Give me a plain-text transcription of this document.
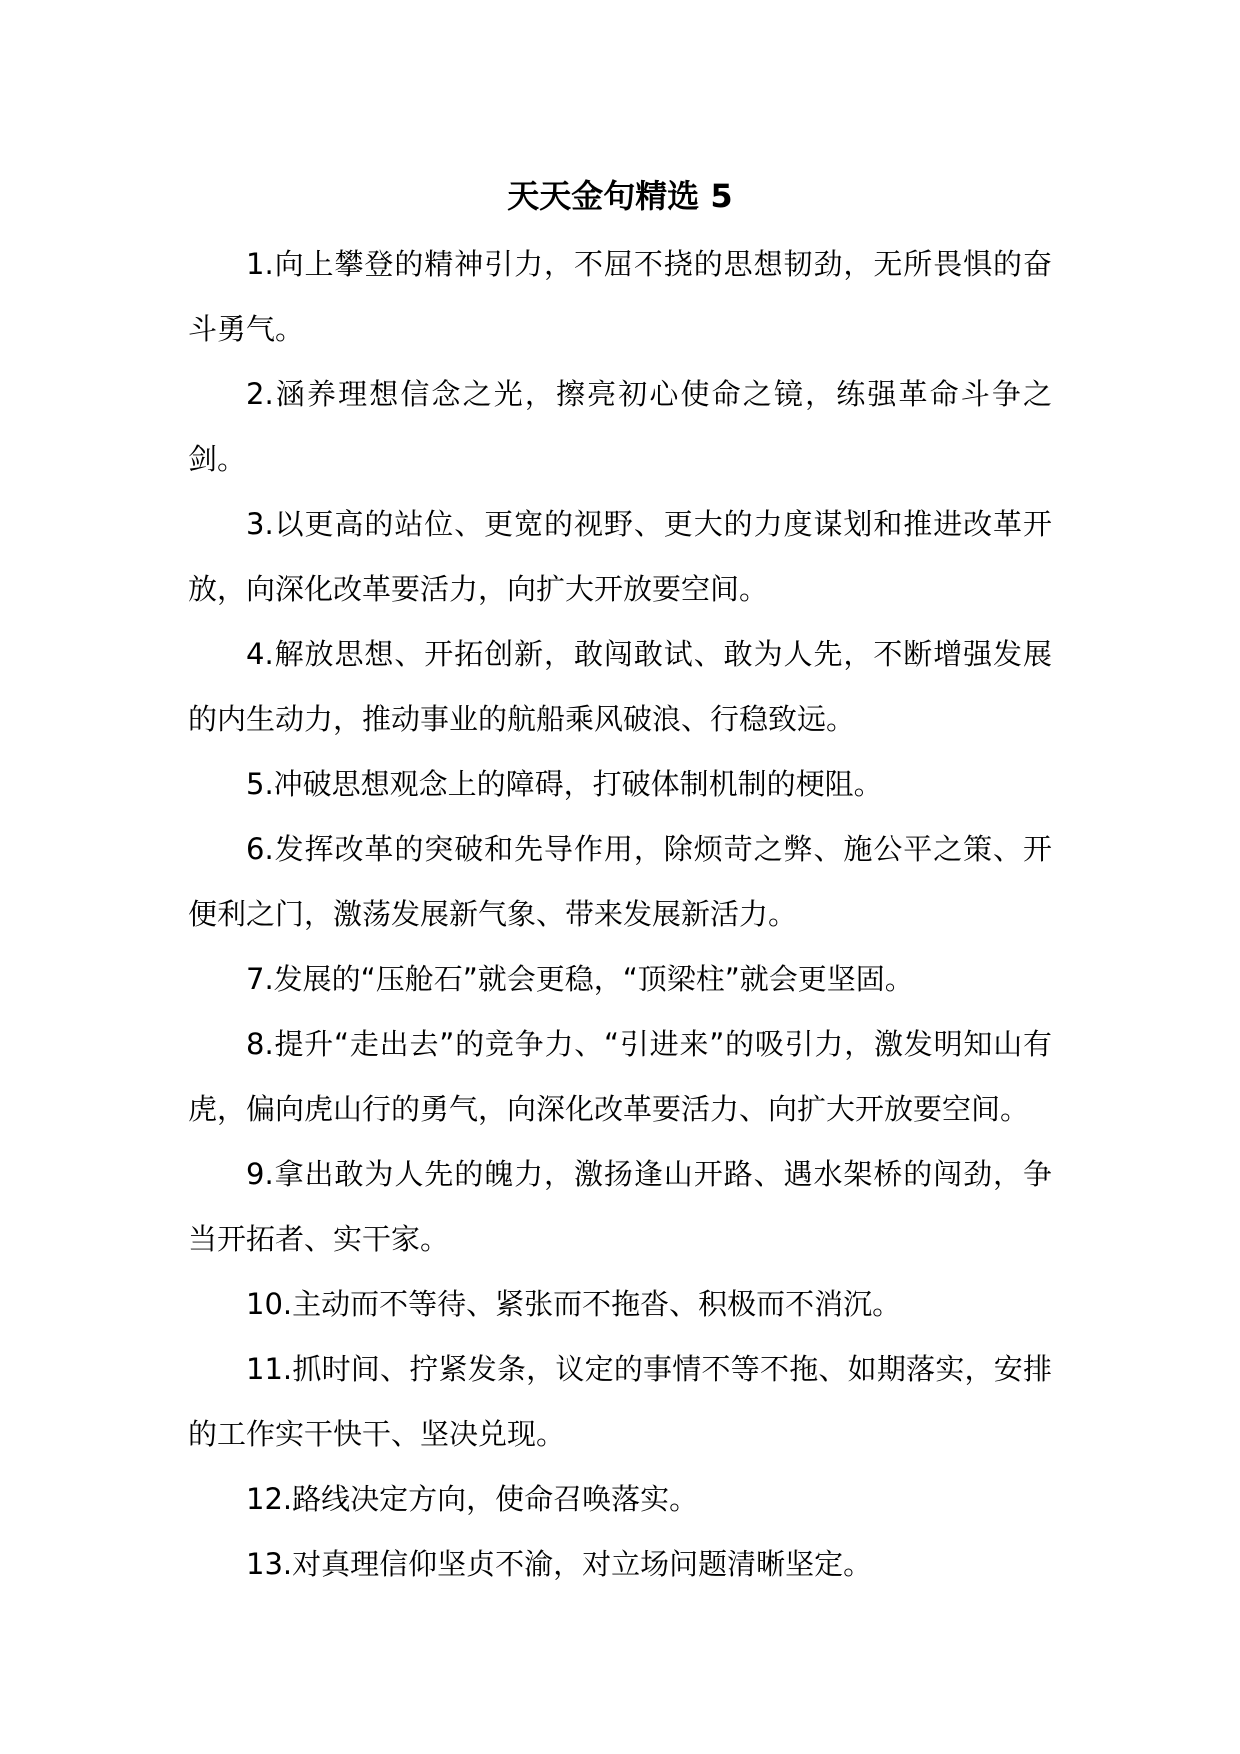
天天金句精选 5

1.向上攀登的精神引力，不屈不挠的思想韧劲，无所畏惧的奋斗勇气。

2.涵养理想信念之光，擦亮初心使命之镜，练强革命斗争之剑。

3.以更高的站位、更宽的视野、更大的力度谋划和推进改革开放，向深化改革要活力，向扩大开放要空间。

4.解放思想、开拓创新，敢闯敢试、敢为人先，不断增强发展的内生动力，推动事业的航船乘风破浪、行稳致远。

5.冲破思想观念上的障碍，打破体制机制的梗阻。

6.发挥改革的突破和先导作用，除烦苛之弊、施公平之策、开便利之门，激荡发展新气象、带来发展新活力。

7.发展的“压舱石”就会更稳，“顶梁柱”就会更坚固。

8.提升“走出去”的竞争力、“引进来”的吸引力，激发明知山有虎，偏向虎山行的勇气，向深化改革要活力、向扩大开放要空间。

9.拿出敢为人先的魄力，激扬逢山开路、遇水架桥的闯劲，争当开拓者、实干家。

10.主动而不等待、紧张而不拖沓、积极而不消沉。

11.抓时间、拧紧发条，议定的事情不等不拖、如期落实，安排的工作实干快干、坚决兑现。

12.路线决定方向，使命召唤落实。

13.对真理信仰坚贞不渝，对立场问题清晰坚定。
